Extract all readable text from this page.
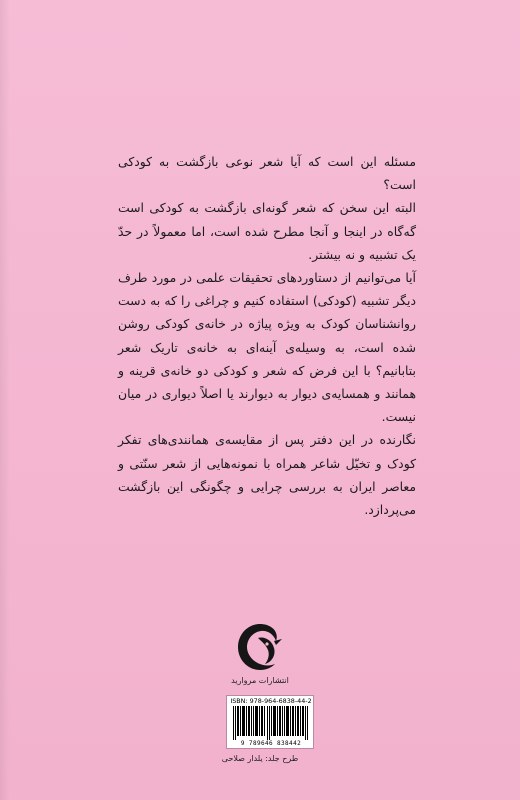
مسئله این است که آیا شعر نوعی بازگشت به کودکی است؟

البته این سخن که شعر گونه‌ای بازگشت به کودکی است گه‌گاه در اینجا و آنجا مطرح شده است، اما معمولاً در حدّ یک تشبیه و نه بیشتر.

آیا می‌توانیم از دستاوردهای تحقیقات علمی در مورد طرف دیگر تشبیه (کودکی) استفاده کنیم و چراغی را که به دست روانشناسان کودک به ویژه پیاژه در خانه‌ی کودکی روشن شده است، به وسیله‌ی آینه‌ای به خانه‌ی تاریک شعر بتابانیم؟ با این فرض که شعر و کودکی دو خانه‌ی قرینه و همانند و همسایه‌ی دیوار به دیوارند یا اصلاً دیواری در میان نیست.

نگارنده در این دفتر پس از مقایسه‌ی همانندی‌های تفکر کودک و تخیّل شاعر همراه با نمونه‌هایی از شعر سنّتی و معاصر ایران به بررسی چرایی و چگونگی این بازگشت می‌پردازد.

انتشارات مروارید
ISBN: 978-964-6838-44-2
9 789646 838442
طرح جلد: یلدا‌ر صلاحی
